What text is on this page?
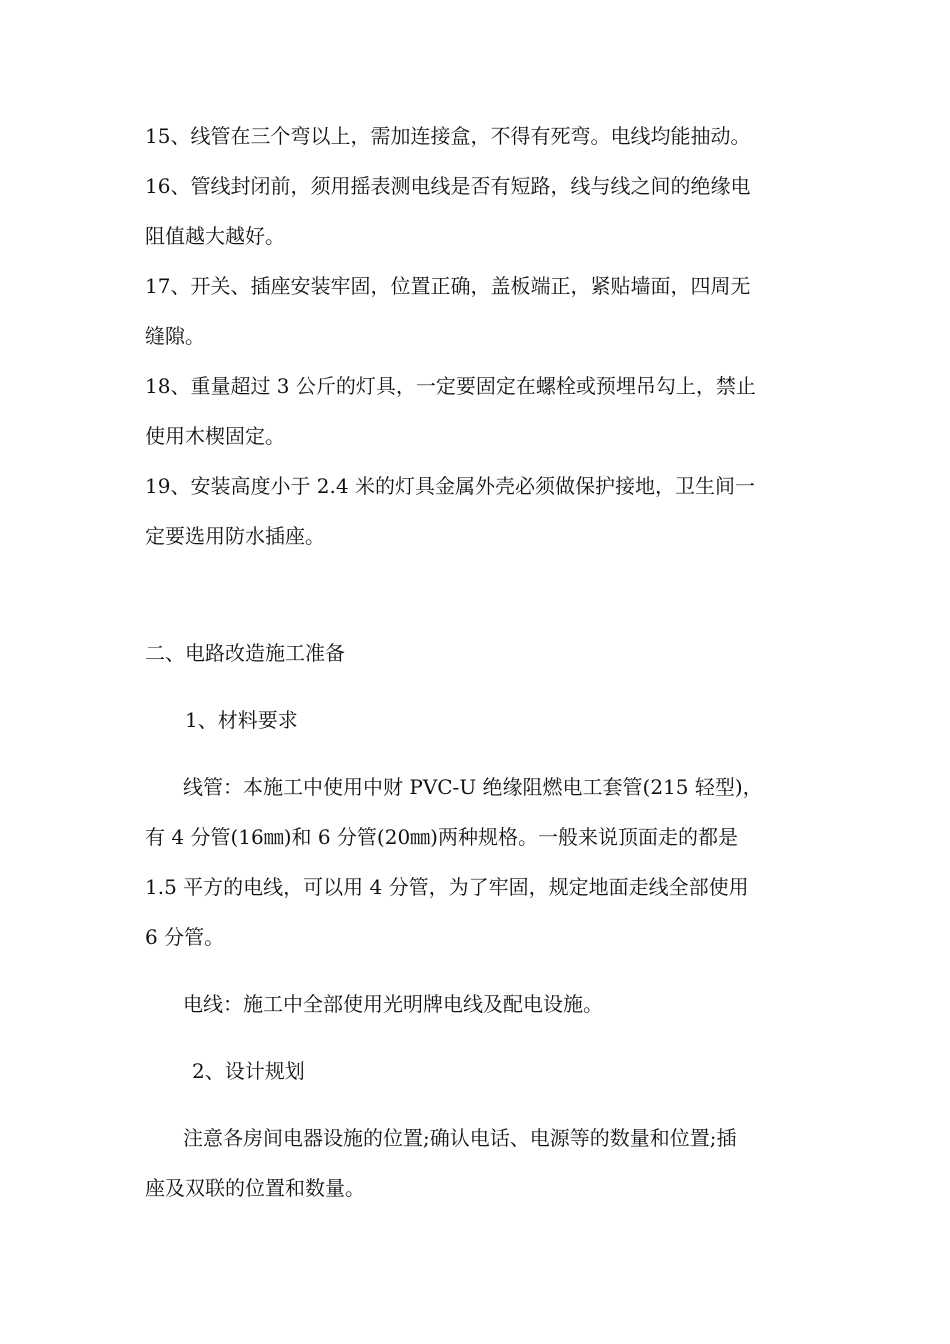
15、线管在三个弯以上，需加连接盒，不得有死弯。电线均能抽动。
16、管线封闭前，须用摇表测电线是否有短路，线与线之间的绝缘电
阻值越大越好。
17、开关、插座安装牢固，位置正确，盖板端正，紧贴墙面，四周无
缝隙。
18、重量超过 3 公斤的灯具，一定要固定在螺栓或预埋吊勾上，禁止
使用木楔固定。
19、安装高度小于 2.4 米的灯具金属外壳必须做保护接地，卫生间一
定要选用防水插座。
二、电路改造施工准备
1、材料要求
线管：本施工中使用中财 PVC-U 绝缘阻燃电工套管(215 轻型)，
有 4 分管(16㎜)和 6 分管(20㎜)两种规格。一般来说顶面走的都是
1.5 平方的电线，可以用 4 分管，为了牢固，规定地面走线全部使用
6 分管。
电线：施工中全部使用光明牌电线及配电设施。
2、设计规划
注意各房间电器设施的位置;确认电话、电源等的数量和位置;插
座及双联的位置和数量。
